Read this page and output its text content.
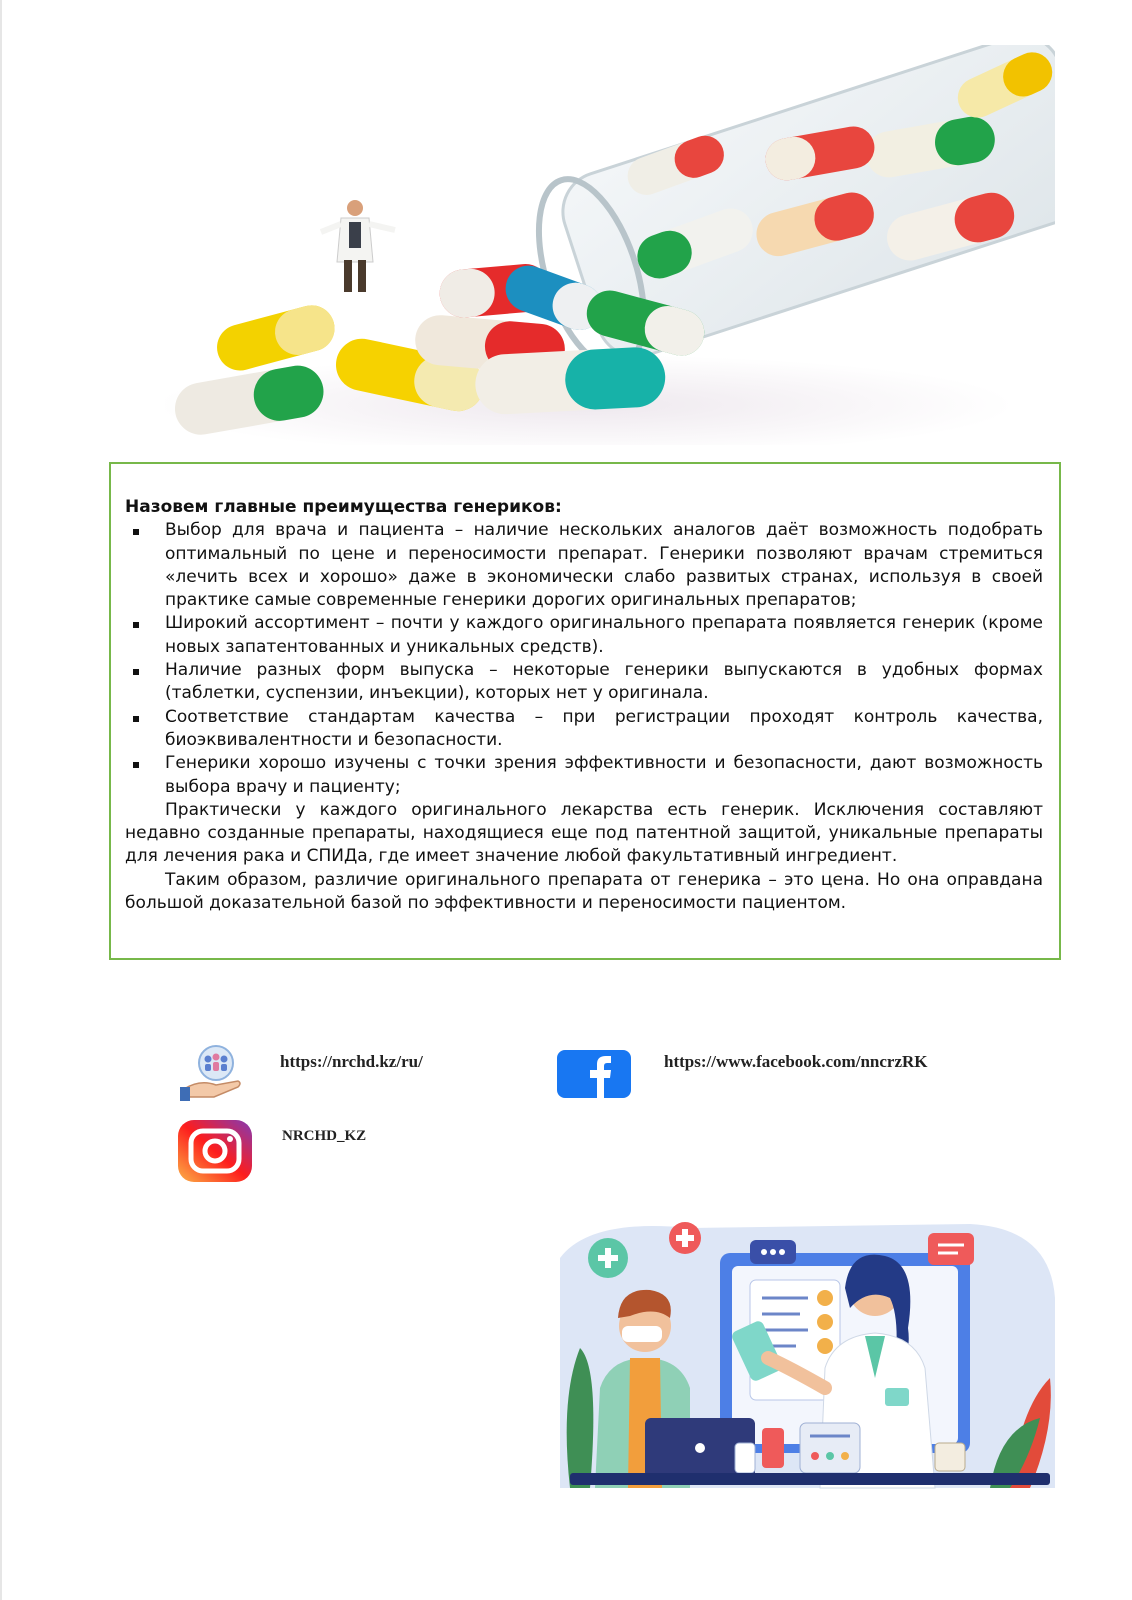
Назовем главные преимущества генериков:

Выбор для врача и пациента – наличие нескольких аналогов даёт возможность подобрать оптимальный по цене и переносимости препарат. Генерики позволяют врачам стремиться «лечить всех и хорошо» даже в экономически слабо развитых странах, используя в своей практике самые современные генерики дорогих оригинальных препаратов;
Широкий ассортимент – почти у каждого оригинального препарата появляется генерик (кроме новых запатентованных и уникальных средств).
Наличие разных форм выпуска – некоторые генерики выпускаются в удобных формах (таблетки, суспензии, инъекции), которых нет у оригинала.
Соответствие стандартам качества – при регистрации проходят контроль качества, биоэквивалентности и безопасности.
Генерики хорошо изучены с точки зрения эффективности и безопасности, дают возможность выбора врачу и пациенту;

Практически у каждого оригинального лекарства есть генерик. Исключения составляют недавно созданные препараты, находящиеся еще под патентной защитой, уникальные препараты для лечения рака и СПИДа, где имеет значение любой факультативный ингредиент.

Таким образом, различие оригинального препарата от генерика – это цена. Но она оправдана большой доказательной базой по эффективности и переносимости пациентом.

https://nrchd.kz/ru/	https://www.facebook.com/nncrzRK
NRCHD_KZ
